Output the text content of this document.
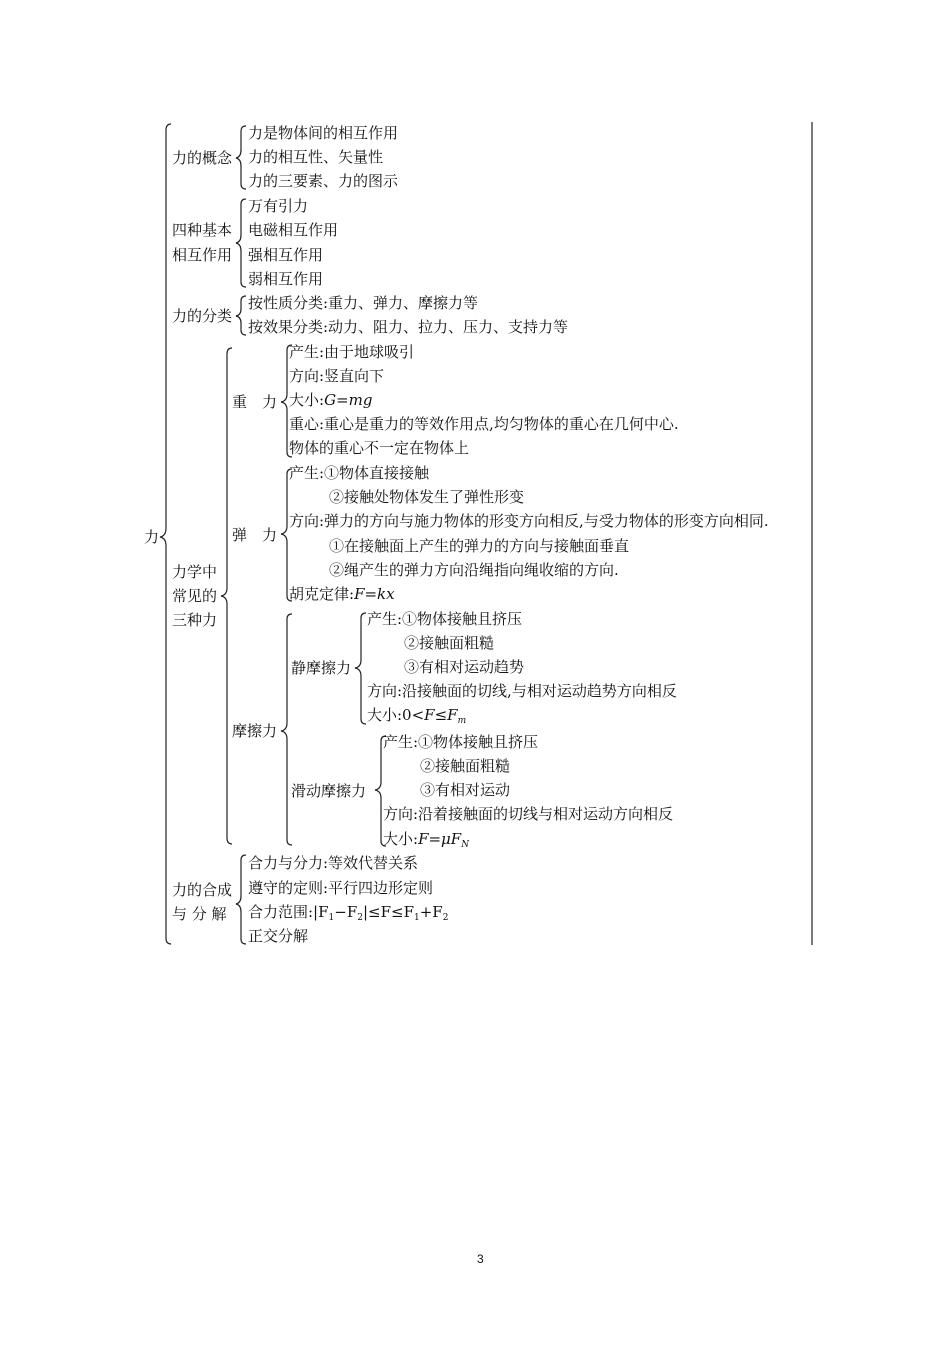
力
力的概念
力是物体间的相互作用
力的相互性、矢量性
力的三要素、力的图示
四种基本
相互作用
万有引力
电磁相互作用
强相互作用
弱相互作用
力的分类
按性质分类:重力、弹力、摩擦力等
按效果分类:动力、阻力、拉力、压力、支持力等
力学中
常见的
三种力
重　力
产生:由于地球吸引
方向:竖直向下
大小:G=mg
重心:重心是重力的等效作用点,均匀物体的重心在几何中心.
物体的重心不一定在物体上
弹　力
产生:①物体直接接触
②接触处物体发生了弹性形变
方向:弹力的方向与施力物体的形变方向相反,与受力物体的形变方向相同.
①在接触面上产生的弹力的方向与接触面垂直
②绳产生的弹力方向沿绳指向绳收缩的方向.
胡克定律:F=kx
摩擦力
静摩擦力
产生:①物体接触且挤压
②接触面粗糙
③有相对运动趋势
方向:沿接触面的切线,与相对运动趋势方向相反
大小$:0<F\le F_m$
滑动摩擦力
产生:①物体接触且挤压
②接触面粗糙
③有相对运动
方向:沿着接触面的切线与相对运动方向相反
大小$:F=\mu F_N$
力的合成
与 分 解
合力与分力:等效代替关系
遵守的定则:平行四边形定则
合力范围$:|F_1-F_2|\le F\le F_1+F_2$
正交分解
3
